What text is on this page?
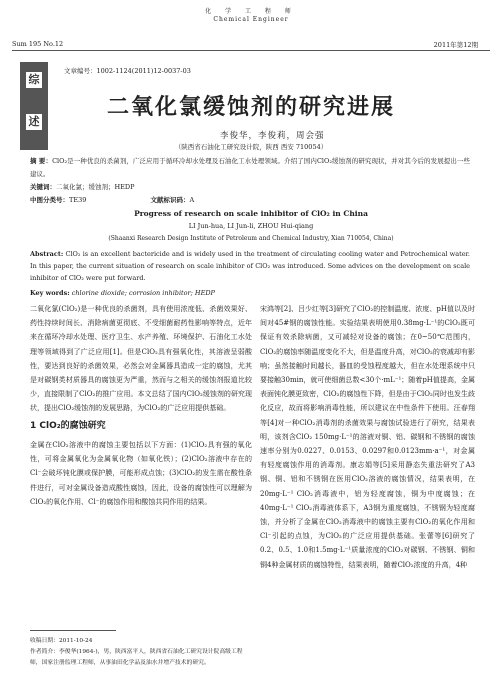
化 学 工 程 师
Chemical Engineer
Sum 195 No.12	2011年第12期
综
述
文章编号：1002-1124(2011)12-0037-03
二氧化氯缓蚀剂的研究进展
李俊华，李俊莉，周会强
（陕西省石油化工研究设计院，陕西 西安 710054）
摘 要：ClO₂是一种优良的杀菌剂，广泛应用于循环冷却水处理及石油化工水处理领域。介绍了国内ClO₂缓蚀剂的研究现状，并对其今后的发展提出一些建议。
关键词：二氧化氯；缓蚀剂；HEDP
中图分类号：TE39	文献标识码：A
Progress of research on scale inhibitor of ClO₂ in China
LI Jun-hua, LI Jun-li, ZHOU Hui-qiang
(Shaanxi Research Design Institute of Petroleum and Chemical Industry, Xian 710054, China)
Abstract: ClO₂ is an excellent bactericide and is widely used in the treatment of circulating cooling water and Petrochemical water. In this paper, the current situation of research on scale inhibitor of ClO₂ was introduced. Some advices on the development on scale inhibitor of ClO₂ were put forward.
Key words: chlorine dioxide; corrosion inhibitor; HEDP
二氧化氯(ClO₂)是一种优良的杀菌剂，具有使用浓度低、杀菌效果好、药性持续时间长、消除病菌更彻底、不受细菌耐药性影响等特点，近年来在循环冷却水处理、医疗卫生、水产养殖、环境保护、石油化工水处理等领域得到了广泛应用[1]。但是ClO₂具有强氧化性，其溶液呈弱酸性，要达到良好的杀菌效果，必然会对金属器具造成一定的腐蚀，尤其是对碳钢类材质器具的腐蚀更为严重，然而与之相关的缓蚀剂报道比较少，直接限制了ClO₂的推广应用。本文总结了国内ClO₂缓蚀剂的研究现状，提出ClO₂缓蚀剂的发展思路，为ClO₂的广泛应用提供基础。
1 ClO₂的腐蚀研究
金属在ClO₂溶液中的腐蚀主要包括以下方面：(1)ClO₂具有强的氧化性，可将金属氧化为金属氧化物（如氧化铁）；(2)ClO₂溶液中存在的Cl⁻会破坏钝化膜或保护膜，可能形成点蚀；(3)ClO₂的发生需在酸性条件进行，可对金属设备造成酸性腐蚀，因此，设备的腐蚀性可以理解为ClO₂的氧化作用、Cl⁻的腐蚀作用和酸蚀共同作用的结果。
宋鸿等[2]、吕少红等[3]研究了ClO₂的控制温度、浓度、pH值以及时间对45#钢的腐蚀性能。实验结果表明使用0.38mg·L⁻¹的ClO₂既可保证有效杀除病菌，又可减轻对设备的腐蚀；在0~50℃范围内，ClO₂的腐蚀率随温度变化不大，但是温度升高，对ClO₂的衰减却有影响；虽然接触时间越长，器皿的受蚀程度越大，但在水处理系统中只要接触30min，就可使细菌总数<30个·mL⁻¹；随着pH值提高，金属表面钝化膜更致密，ClO₂的腐蚀性下降，但是由于ClO₂同时也发生歧化反应，故而将影响消毒性能，所以建议在中性条件下使用。汪春翔等[4]对一种ClO₂消毒剂的杀菌效果与腐蚀试验进行了研究，结果表明，该剂含ClO₂ 150mg·L⁻¹的溶液对铜、铝、碳钢和不锈钢的腐蚀速率分别为0.0227、0.0153、0.0297和0.0123mm·a⁻¹，对金属有轻度腐蚀作用的消毒剂。康志娟等[5]采用静态失重法研究了A3钢、铜、铝和不锈钢在医用ClO₂溶液的腐蚀情况，结果表明，在20mg·L⁻¹ ClO₂消毒液中，铝为轻度腐蚀，铜为中度腐蚀；在40mg·L⁻¹ ClO₂消毒液体系下，A3钢为重度腐蚀，不锈钢为轻度腐蚀，并分析了金属在ClO₂消毒液中的腐蚀主要有ClO₂的氧化作用和Cl⁻引起的点蚀，为ClO₂的广泛应用提供基础。张蕾等[6]研究了0.2、0.5、1.0和1.5mg·L⁻¹质量浓度的ClO₂对碳钢、不锈钢、铜和铜4种金属材质的腐蚀特性，结果表明，随着ClO₂浓度的升高，4种
收稿日期：2011-10-24
作者简介：李俊华(1964-)，男，陕西富平人，陕西省石油化工研究设计院高级工程师，国家注册监理工程师，从事油田化学品及油水井增产技术的研究。
